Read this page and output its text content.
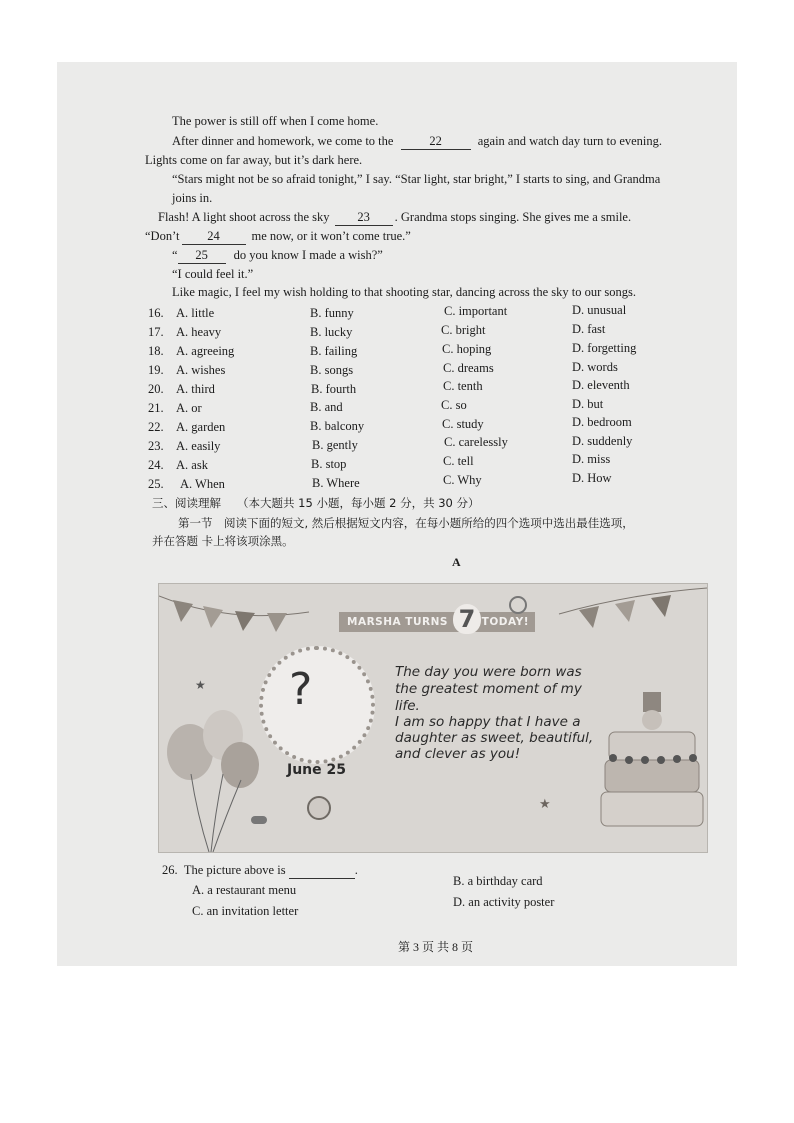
The power is still off when I come home.
After dinner and homework, we come to the	22	again and watch day turn to evening.
Lights come on far away, but it’s dark here.
“Stars might not be so afraid tonight,” I say. “Star light, star bright,” I starts to sing, and Grandma
joins in.
Flash! A light shoot across the sky 23 . Grandma stops singing. She gives me a smile.
“Don’t 24	me now, or it won’t come true.”
“ 25 do you know I made a wish?”
“I could feel it.”
Like magic, I feel my wish holding to that shooting star, dancing across the sky to our songs.
16. A. little	B. funny	C. important	D. unusual
17. A. heavy	B. lucky	C. bright	D. fast
18. A. agreeing	B. failing	C. hoping	D. forgetting
19. A. wishes	B. songs	C. dreams	D. words
20. A. third	B. fourth	C. tenth	D. eleventh
21. A. or	B. and	C. so	D. but
22. A. garden	B. balcony	C. study	D. bedroom
23. A. easily	B. gently	C. carelessly	D. suddenly
24. A. ask	B. stop	C. tell	D. miss
25. A. When	B. Where	C. Why	D. How
三、阅读理解 （本大题共 15 小题，每小题 2 分，共 30 分）
第一节　阅读下面的短文, 然后根据短文内容，在每小题所给的四个选项中选出最佳选项，
并在答题 卡上将该项涂黑。
A
MARSHA TURNS	TODAY!
7
?
June 25
The day you were born was
the greatest moment of my
life.
I am so happy that I have a
daughter as sweet, beautiful,
and clever as you!
★
★
26. The picture above is	.
A. a restaurant menu
B. a birthday card
C. an invitation letter
D. an activity poster
第 3 页 共 8 页
